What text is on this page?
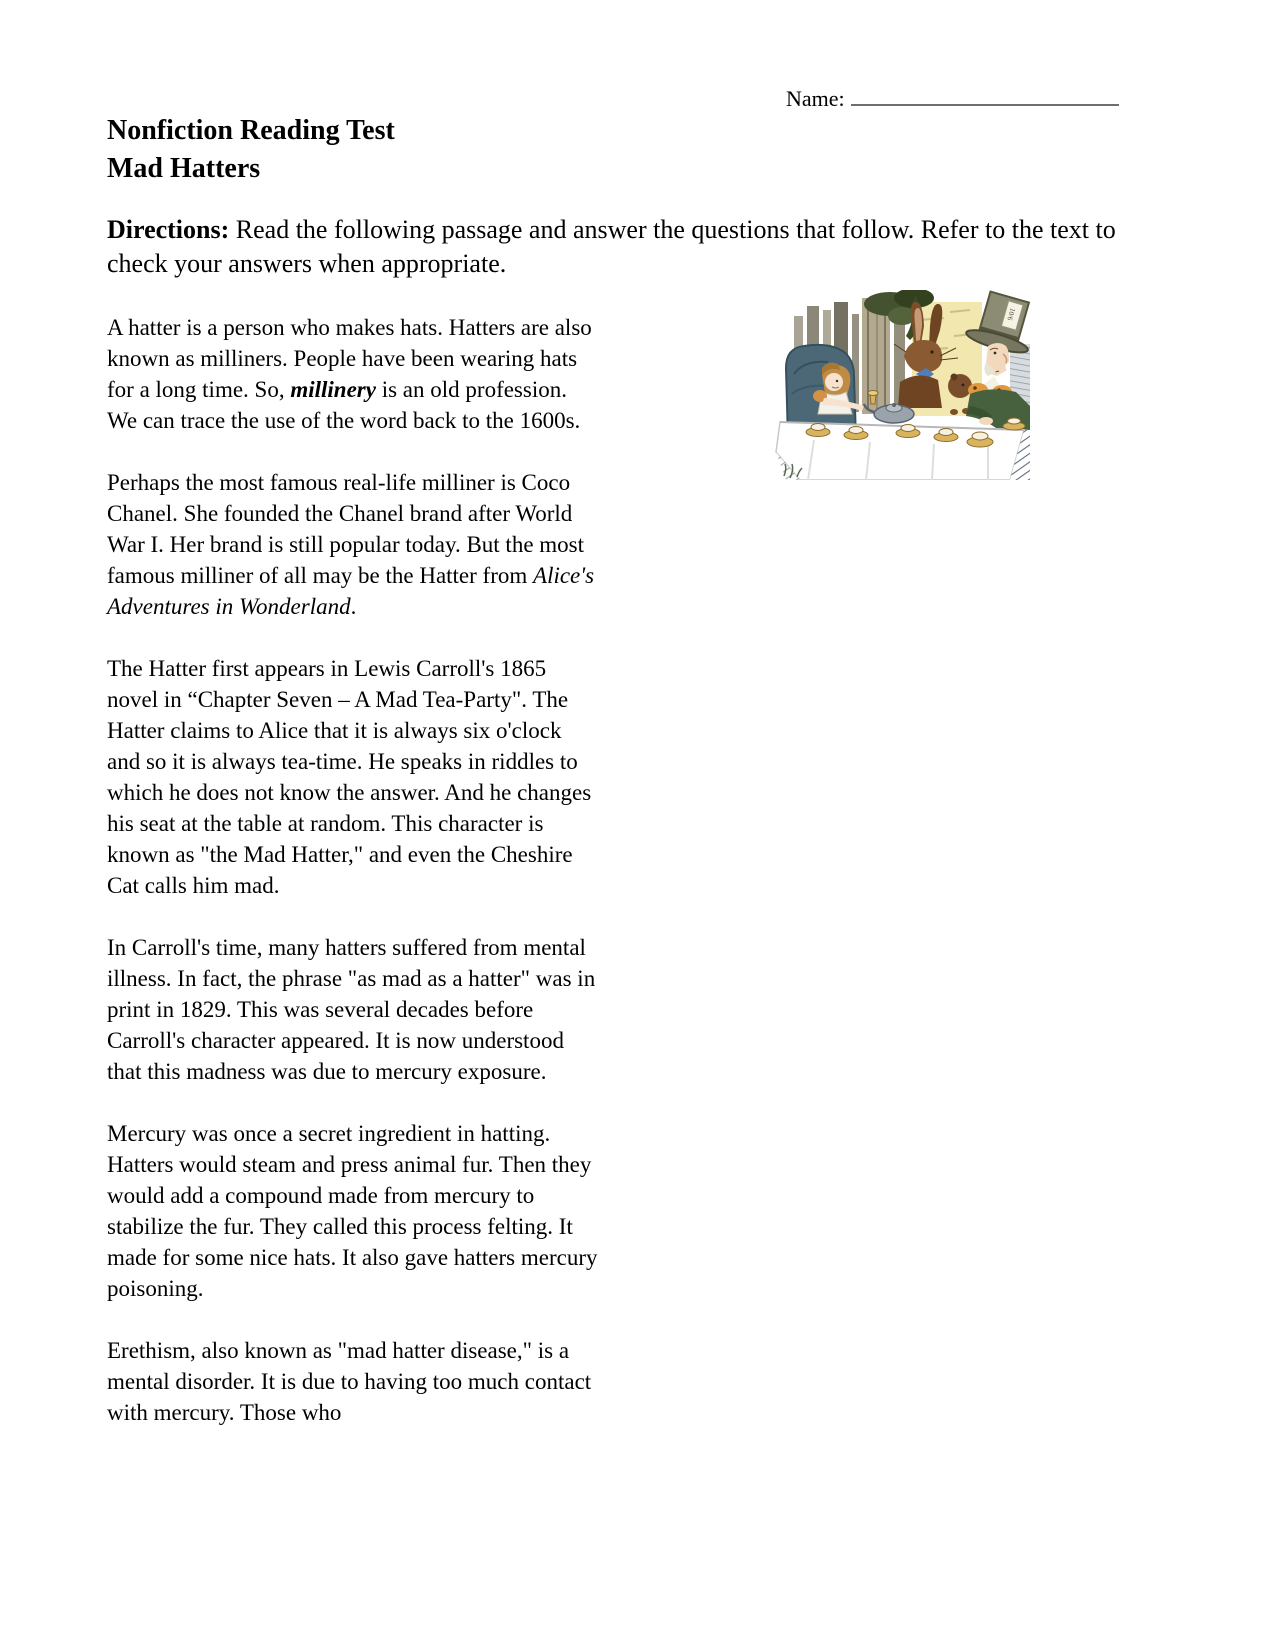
Name:
Nonfiction Reading Test
Mad Hatters
Directions: Read the following passage and answer the questions that follow. Refer to the text to check your answers when appropriate.

A hatter is a person who makes hats. Hatters are also known as milliners. People have been wearing hats for a long time. So, millinery is an old profession. We can trace the use of the word back to the 1600s.

Perhaps the most famous real-life milliner is Coco Chanel. She founded the Chanel brand after World War I. Her brand is still popular today. But the most famous milliner of all may be the Hatter from Alice's Adventures in Wonderland.

The Hatter first appears in Lewis Carroll's 1865 novel in “Chapter Seven – A Mad Tea-Party". The Hatter claims to Alice that it is always six o'clock and so it is always tea-time. He speaks in riddles to which he does not know the answer. And he changes his seat at the table at random. This character is known as "the Mad Hatter," and even the Cheshire Cat calls him mad.

In Carroll's time, many hatters suffered from mental illness. In fact, the phrase "as mad as a hatter" was in print in 1829. This was several decades before Carroll's character appeared. It is now understood that this madness was due to mercury exposure.

Mercury was once a secret ingredient in hatting. Hatters would steam and press animal fur. Then they would add a compound made from mercury to stabilize the fur. They called this process felting. It made for some nice hats. It also gave hatters mercury poisoning.

Erethism, also known as "mad hatter disease," is a mental disorder. It is due to having too much contact with mercury. Those who

10/6
